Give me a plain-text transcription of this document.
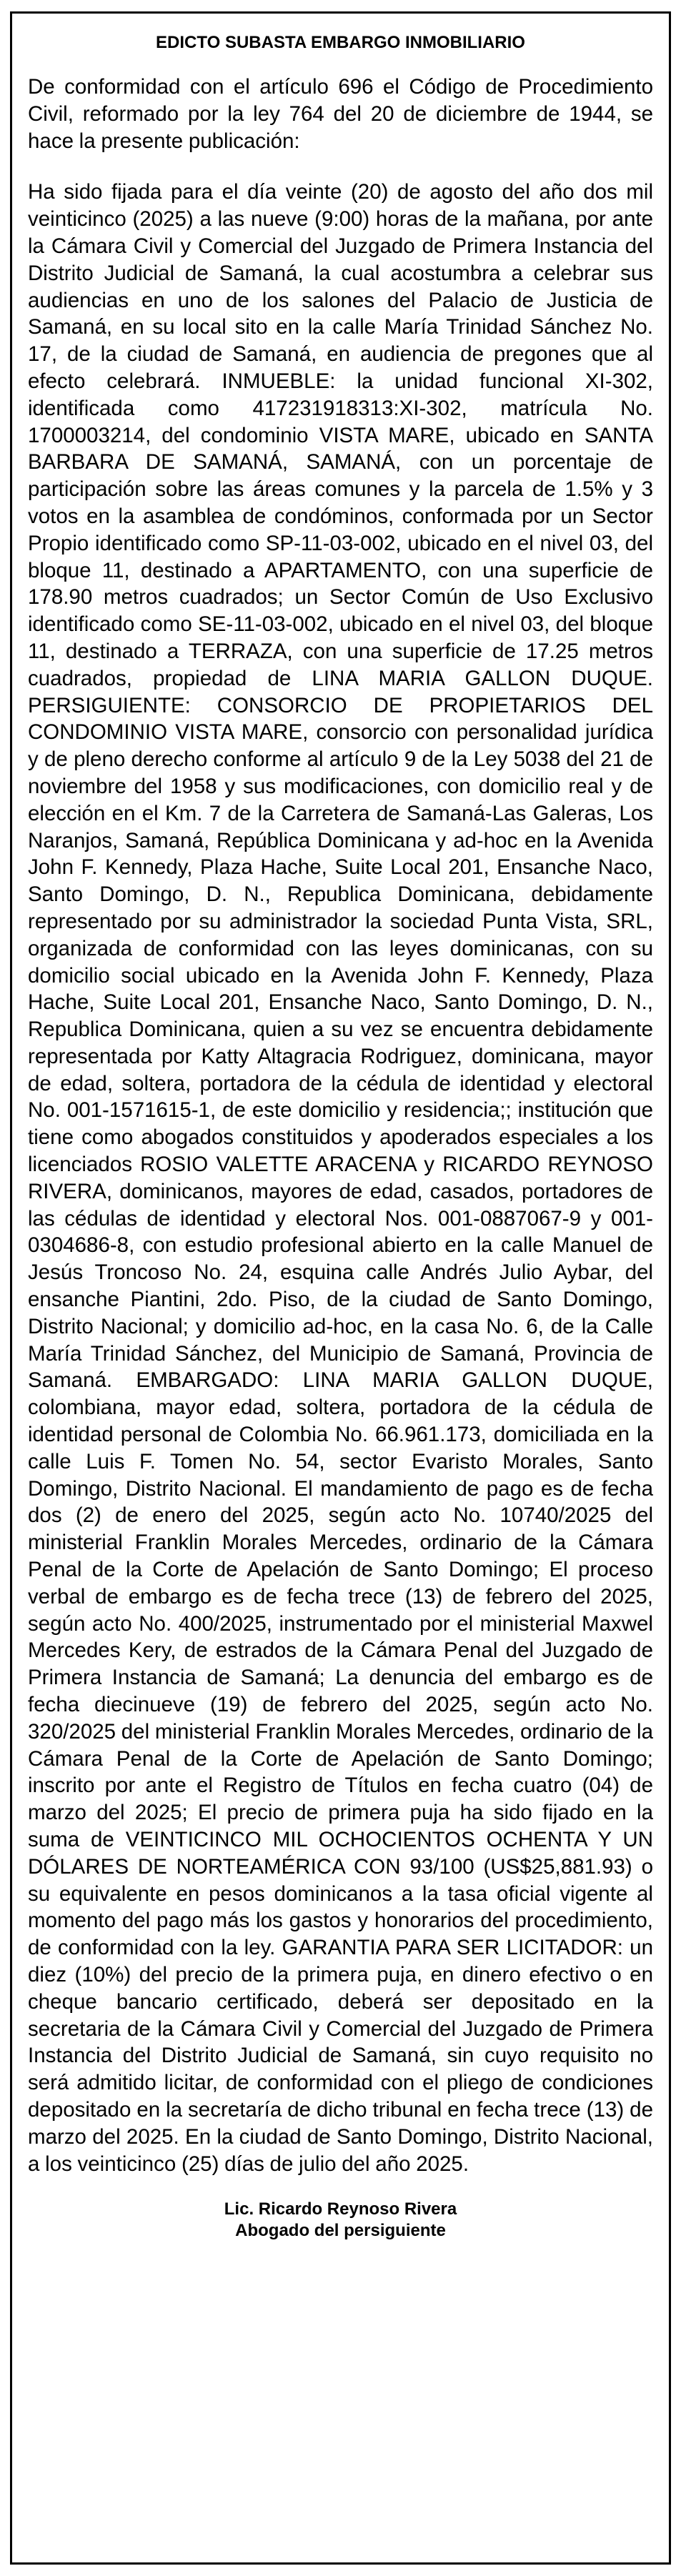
EDICTO SUBASTA EMBARGO INMOBILIARIO

De conformidad con el artículo 696 el Código de Procedimiento Civil, reformado por la ley 764 del 20 de diciembre de 1944, se hace la presente publicación:

Ha sido fijada para el día veinte (20) de agosto del año dos mil veinticinco (2025) a las nueve (9:00) horas de la mañana, por ante la Cámara Civil y Comercial del Juzgado de Primera Instancia del Distrito Judicial de Samaná, la cual acostumbra a celebrar sus audiencias en uno de los salones del Palacio de Justicia de Samaná, en su local sito en la calle María Trinidad Sánchez No. 17, de la ciudad de Samaná, en audiencia de pregones que al efecto celebrará. INMUEBLE: la unidad funcional XI-302, identificada como 417231918313:XI-302, matrícula No. 1700003214, del condominio VISTA MARE, ubicado en SANTA BARBARA DE SAMANÁ, SAMANÁ, con un porcentaje de participación sobre las áreas comunes y la parcela de 1.5% y 3 votos en la asamblea de condóminos, conformada por un Sector Propio identificado como SP-11-03-002, ubicado en el nivel 03, del bloque 11, destinado a APARTAMENTO, con una superficie de 178.90 metros cuadrados; un Sector Común de Uso Exclusivo identificado como SE-11-03-002, ubicado en el nivel 03, del bloque 11, destinado a TERRAZA, con una superficie de 17.25 metros cuadrados, propiedad de LINA MARIA GALLON DUQUE. PERSIGUIENTE: CONSORCIO DE PROPIETARIOS DEL CONDOMINIO VISTA MARE, consorcio con personalidad jurídica y de pleno derecho conforme al artículo 9 de la Ley 5038 del 21 de noviembre del 1958 y sus modificaciones, con domicilio real y de elección en el Km. 7 de la Carretera de Samaná-Las Galeras, Los Naranjos, Samaná, República Dominicana y ad-hoc en la Avenida John F. Kennedy, Plaza Hache, Suite Local 201, Ensanche Naco, Santo Domingo, D. N., Republica Dominicana, debidamente representado por su administrador la sociedad Punta Vista, SRL, organizada de conformidad con las leyes dominicanas, con su domicilio social ubicado en la Avenida John F. Kennedy, Plaza Hache, Suite Local 201, Ensanche Naco, Santo Domingo, D. N., Republica Dominicana, quien a su vez se encuentra debidamente representada por Katty Altagracia Rodriguez, dominicana, mayor de edad, soltera, portadora de la cédula de identidad y electoral No. 001-1571615-1, de este domicilio y residencia;; institución que tiene como abogados constituidos y apoderados especiales a los licenciados ROSIO VALETTE ARACENA y RICARDO REYNOSO RIVERA, dominicanos, mayores de edad, casados, portadores de las cédulas de identidad y electoral Nos. 001-0887067-9 y 001-0304686-8, con estudio profesional abierto en la calle Manuel de Jesús Troncoso No. 24, esquina calle Andrés Julio Aybar, del ensanche Piantini, 2do. Piso, de la ciudad de Santo Domingo, Distrito Nacional; y domicilio ad-hoc, en la casa No. 6, de la Calle María Trinidad Sánchez, del Municipio de Samaná, Provincia de Samaná. EMBARGADO: LINA MARIA GALLON DUQUE, colombiana, mayor edad, soltera, portadora de la cédula de identidad personal de Colombia No. 66.961.173, domiciliada en la calle Luis F. Tomen No. 54, sector Evaristo Morales, Santo Domingo, Distrito Nacional. El mandamiento de pago es de fecha dos (2) de enero del 2025, según acto No. 10740/2025 del ministerial Franklin Morales Mercedes, ordinario de la Cámara Penal de la Corte de Apelación de Santo Domingo; El proceso verbal de embargo es de fecha trece (13) de febrero del 2025, según acto No. 400/2025, instrumentado por el ministerial Maxwel Mercedes Kery, de estrados de la Cámara Penal del Juzgado de Primera Instancia de Samaná; La denuncia del embargo es de fecha diecinueve (19) de febrero del 2025, según acto No. 320/2025 del ministerial Franklin Morales Mercedes, ordinario de la Cámara Penal de la Corte de Apelación de Santo Domingo; inscrito por ante el Registro de Títulos en fecha cuatro (04) de marzo del 2025; El precio de primera puja ha sido fijado en la suma de VEINTICINCO MIL OCHOCIENTOS OCHENTA Y UN DÓLARES DE NORTEAMÉRICA CON 93/100 (US$25,881.93) o su equivalente en pesos dominicanos a la tasa oficial vigente al momento del pago más los gastos y honorarios del procedimiento, de conformidad con la ley. GARANTIA PARA SER LICITADOR: un diez (10%) del precio de la primera puja, en dinero efectivo o en cheque bancario certificado, deberá ser depositado en la secretaria de la Cámara Civil y Comercial del Juzgado de Primera Instancia del Distrito Judicial de Samaná, sin cuyo requisito no será admitido licitar, de conformidad con el pliego de condiciones depositado en la secretaría de dicho tribunal en fecha trece (13) de marzo del 2025. En la ciudad de Santo Domingo, Distrito Nacional, a los veinticinco (25) días de julio del año 2025.

Lic. Ricardo Reynoso Rivera
Abogado del persiguiente
